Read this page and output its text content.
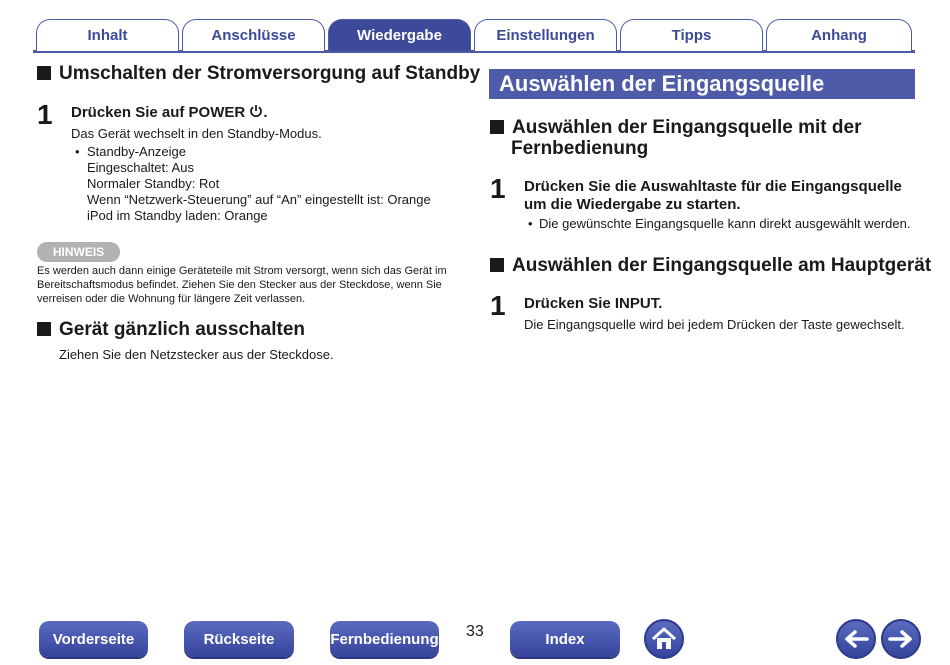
Inhalt	Anschlüsse	Wiedergabe	Einstellungen	Tipps	Anhang
Umschalten der Stromversorgung auf Standby
1 Drücken Sie auf POWER .
Das Gerät wechselt in den Standby-Modus.
• Standby-Anzeige
Eingeschaltet: Aus
Normaler Standby: Rot
Wenn “Netzwerk-Steuerung” auf “An” eingestellt ist: Orange
iPod im Standby laden: Orange
HINWEIS
Es werden auch dann einige Geräteteile mit Strom versorgt, wenn sich das Gerät im
Bereitschaftsmodus befindet. Ziehen Sie den Stecker aus der Steckdose, wenn Sie
verreisen oder die Wohnung für längere Zeit verlassen.
Gerät gänzlich ausschalten
Ziehen Sie den Netzstecker aus der Steckdose.
Auswählen der Eingangsquelle
Auswählen der Eingangsquelle mit der
Fernbedienung
1 Drücken Sie die Auswahltaste für die Eingangsquelle
um die Wiedergabe zu starten.
• Die gewünschte Eingangsquelle kann direkt ausgewählt werden.
Auswählen der Eingangsquelle am Hauptgerät
1 Drücken Sie INPUT.
Die Eingangsquelle wird bei jedem Drücken der Taste gewechselt.
Vorderseite	Rückseite	Fernbedienung 33	Index
